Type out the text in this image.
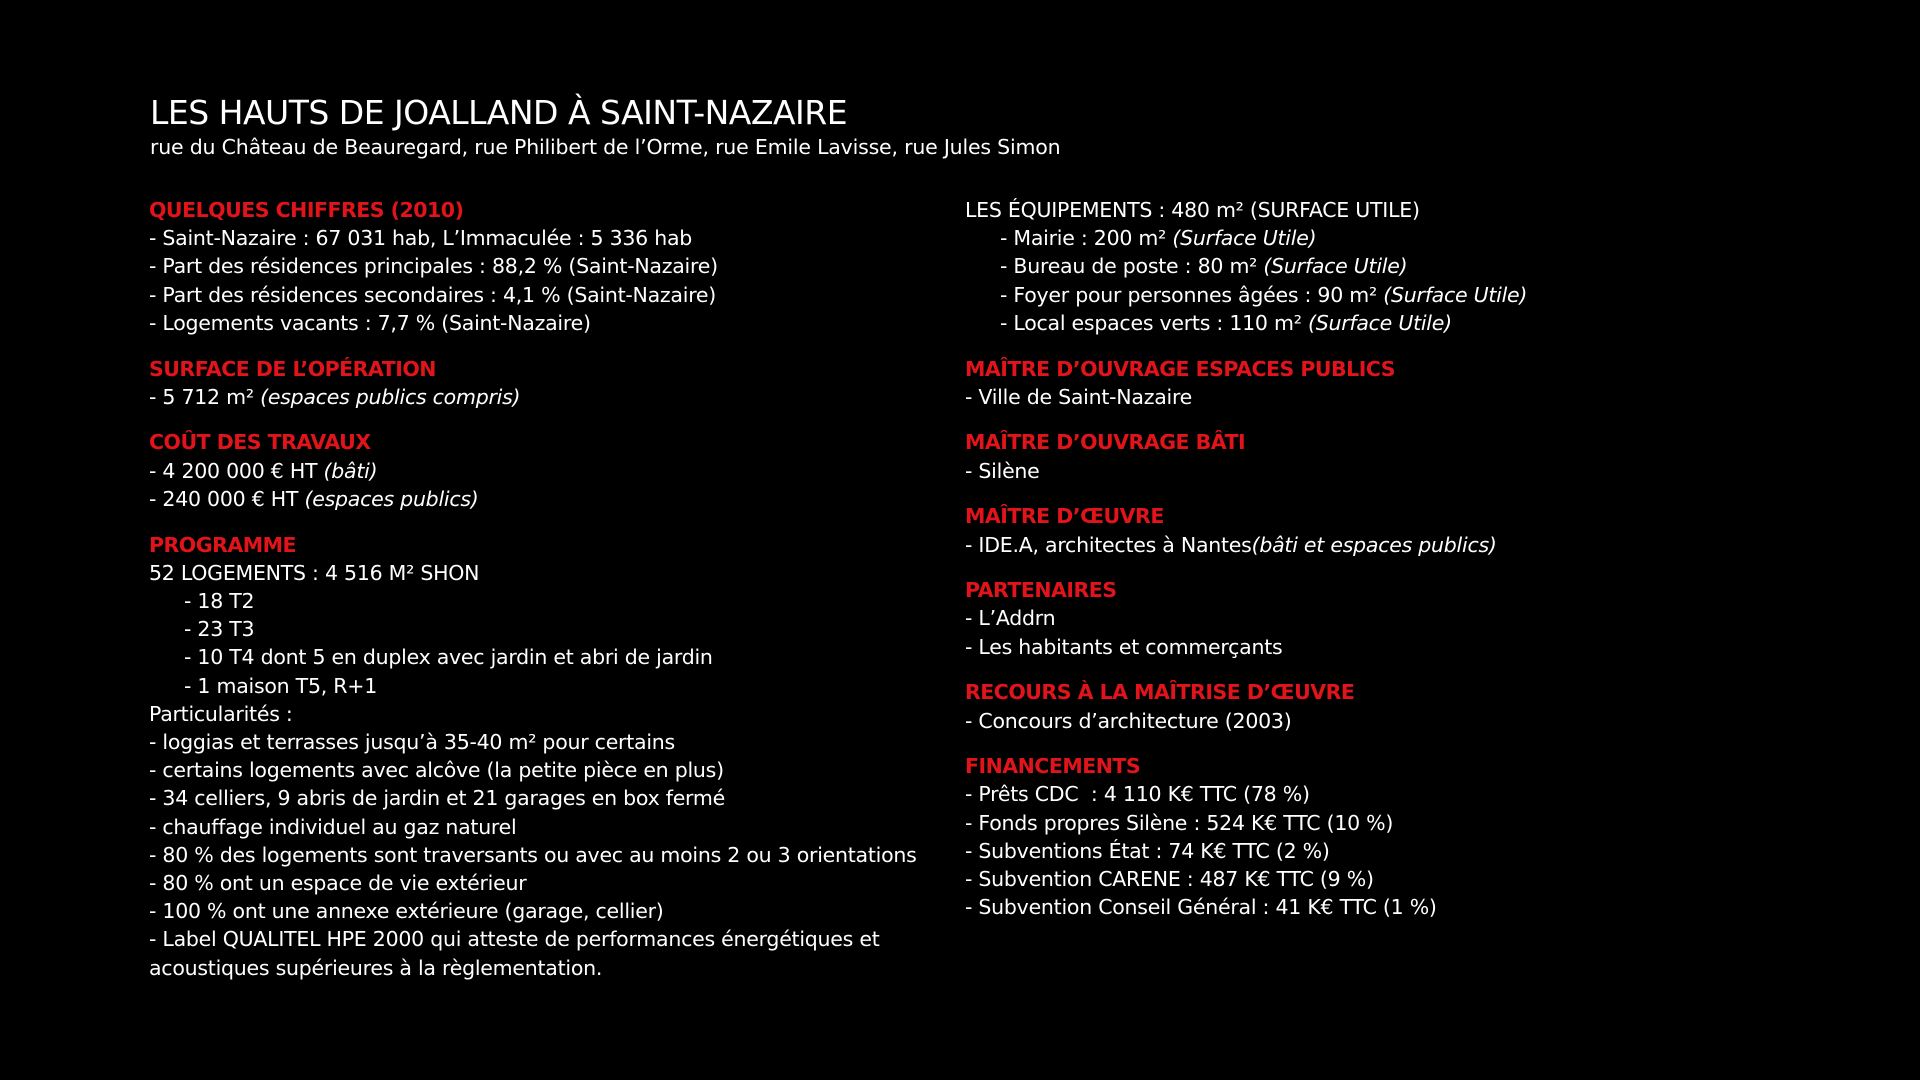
LES HAUTS DE JOALLAND À SAINT-NAZAIRE
rue du Château de Beauregard, rue Philibert de l’Orme, rue Emile Lavisse, rue Jules Simon
QUELQUES CHIFFRES (2010)
- Saint-Nazaire : 67 031 hab, L’Immaculée : 5 336 hab
- Part des résidences principales : 88,2 % (Saint-Nazaire)
- Part des résidences secondaires : 4,1 % (Saint-Nazaire)
- Logements vacants : 7,7 % (Saint-Nazaire)
SURFACE DE L’OPÉRATION
- 5 712 m² (espaces publics compris)
COÛT DES TRAVAUX
- 4 200 000 € HT (bâti)
- 240 000 € HT (espaces publics)
PROGRAMME
52 LOGEMENTS : 4 516 M² SHON
- 18 T2
- 23 T3
- 10 T4 dont 5 en duplex avec jardin et abri de jardin
- 1 maison T5, R+1
Particularités :
- loggias et terrasses jusqu’à 35-40 m² pour certains
- certains logements avec alcôve (la petite pièce en plus)
- 34 celliers, 9 abris de jardin et 21 garages en box fermé
- chauffage individuel au gaz naturel
- 80 % des logements sont traversants ou avec au moins 2 ou 3 orientations
- 80 % ont un espace de vie extérieur
- 100 % ont une annexe extérieure (garage, cellier)
- Label QUALITEL HPE 2000 qui atteste de performances énergétiques et acoustiques supérieures à la règlementation.
LES ÉQUIPEMENTS : 480 m² (SURFACE UTILE)
- Mairie : 200 m² (Surface Utile)
- Bureau de poste : 80 m² (Surface Utile)
- Foyer pour personnes âgées : 90 m² (Surface Utile)
- Local espaces verts : 110 m² (Surface Utile)
MAÎTRE D’OUVRAGE ESPACES PUBLICS
- Ville de Saint-Nazaire
MAÎTRE D’OUVRAGE BÂTI
- Silène
MAÎTRE D’ŒUVRE
- IDE.A, architectes à Nantes(bâti et espaces publics)
PARTENAIRES
- L’Addrn
- Les habitants et commerçants
RECOURS À LA MAÎTRISE D’ŒUVRE
- Concours d’architecture (2003)
FINANCEMENTS
- Prêts CDC  : 4 110 K€ TTC (78 %)
- Fonds propres Silène : 524 K€ TTC (10 %)
- Subventions État : 74 K€ TTC (2 %)
- Subvention CARENE : 487 K€ TTC (9 %)
- Subvention Conseil Général : 41 K€ TTC (1 %)
